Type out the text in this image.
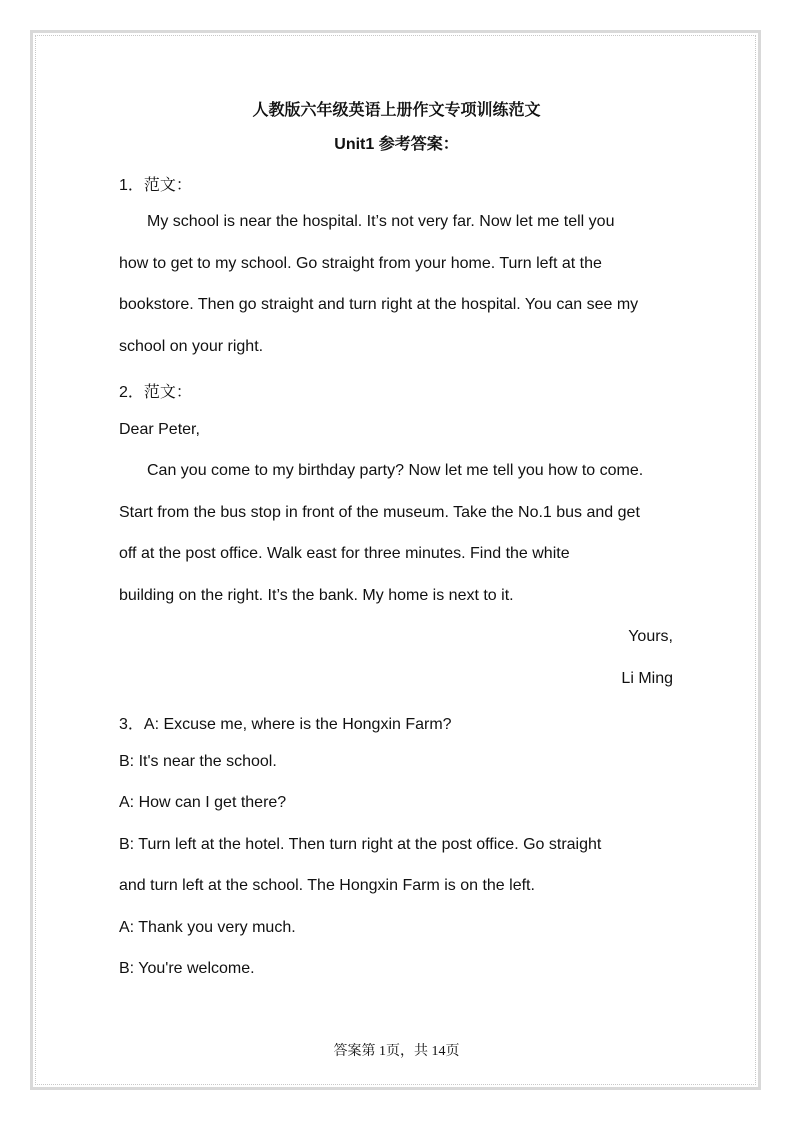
人教版六年级英语上册作文专项训练范文
Unit1 参考答案：
1．范文：
My school is near the hospital. It’s not very far. Now let me tell you
how to get to my school. Go straight from your home. Turn left at the
bookstore. Then go straight and turn right at the hospital. You can see my
school on your right.
2．范文：
Dear Peter,
Can you come to my birthday party? Now let me tell you how to come.
Start from the bus stop in front of the museum. Take the No.1 bus and get
off at the post office. Walk east for three minutes. Find the white
building on the right. It’s the bank. My home is next to it.
Yours,
Li Ming
3．A: Excuse me, where is the Hongxin Farm?
B: It's near the school.
A: How can I get there?
B: Turn left at the hotel. Then turn right at the post office. Go straight
and turn left at the school. The Hongxin Farm is on the left.
A: Thank you very much.
B: You're welcome.
答案第 1页，共 14页
